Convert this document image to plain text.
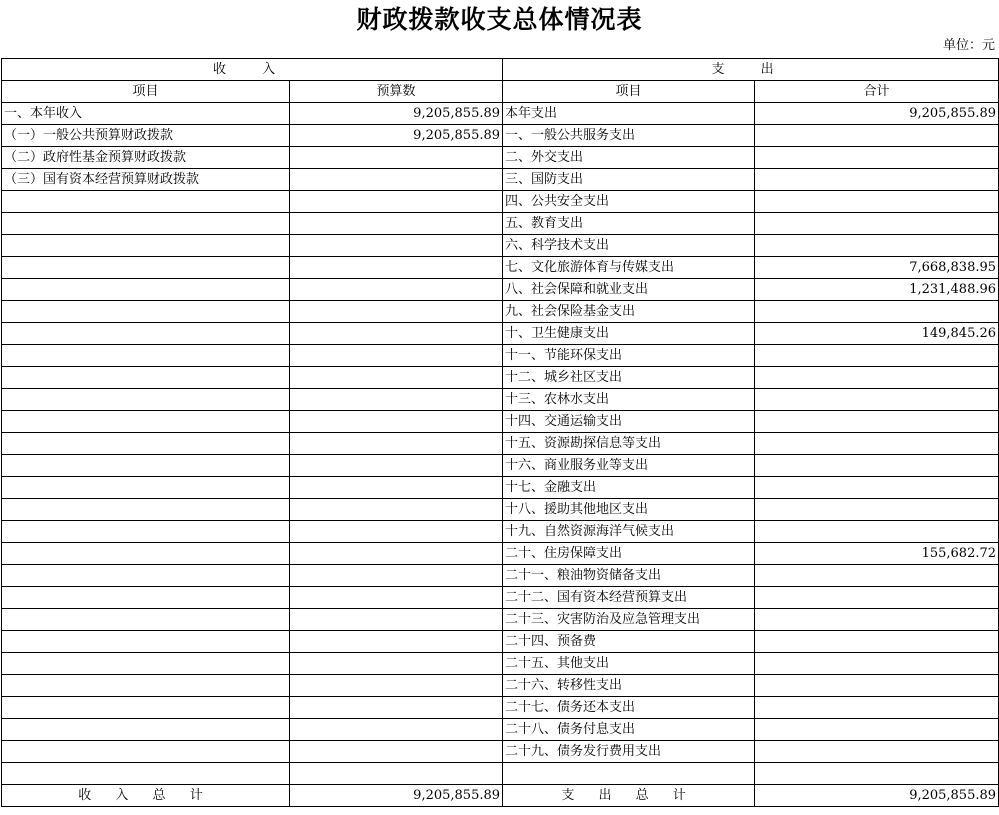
财政拨款收支总体情况表
单位：元
收 入		支 出	
项目	预算数	项目	合计
一、本年收入	9,205,855.89	本年支出	9,205,855.89
（一）一般公共预算财政拨款	9,205,855.89	一、一般公共服务支出	
（二）政府性基金预算财政拨款		二、外交支出	
（三）国有资本经营预算财政拨款		三、国防支出	
		四、公共安全支出	
		五、教育支出	
		六、科学技术支出	
		七、文化旅游体育与传媒支出	7,668,838.95
		八、社会保障和就业支出	1,231,488.96
		九、社会保险基金支出	
		十、卫生健康支出	149,845.26
		十一、节能环保支出	
		十二、城乡社区支出	
		十三、农林水支出	
		十四、交通运输支出	
		十五、资源勘探信息等支出	
		十六、商业服务业等支出	
		十七、金融支出	
		十八、援助其他地区支出	
		十九、自然资源海洋气候支出	
		二十、住房保障支出	155,682.72
		二十一、粮油物资储备支出	
		二十二、国有资本经营预算支出	
		二十三、灾害防治及应急管理支出	
		二十四、预备费	
		二十五、其他支出	
		二十六、转移性支出	
		二十七、债务还本支出	
		二十八、债务付息支出	
		二十九、债务发行费用支出	

收 入 总 计	9,205,855.89	支 出 总 计	9,205,855.89
